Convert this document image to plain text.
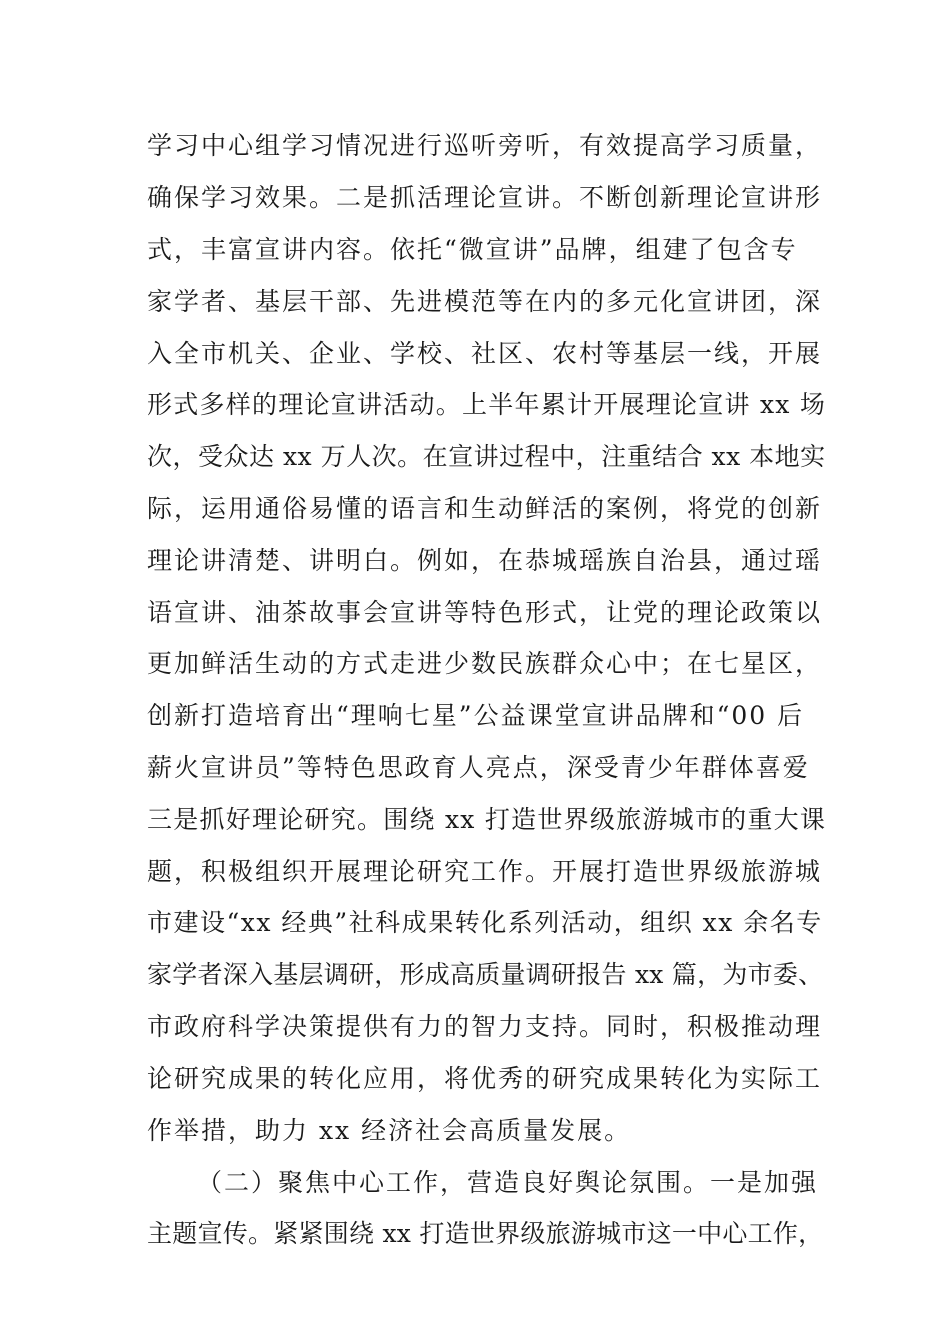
学习中心组学习情况进行巡听旁听，有效提高学习质量，
确保学习效果。二是抓活理论宣讲。不断创新理论宣讲形
式，丰富宣讲内容。依托“微宣讲”品牌，组建了包含专
家学者、基层干部、先进模范等在内的多元化宣讲团，深
入全市机关、企业、学校、社区、农村等基层一线，开展
形式多样的理论宣讲活动。上半年累计开展理论宣讲 xx 场
次，受众达 xx 万人次。在宣讲过程中，注重结合 xx 本地实
际，运用通俗易懂的语言和生动鲜活的案例，将党的创新
理论讲清楚、讲明白。例如，在恭城瑶族自治县，通过瑶
语宣讲、油茶故事会宣讲等特色形式，让党的理论政策以
更加鲜活生动的方式走进少数民族群众心中；在七星区，
创新打造培育出“理响七星”公益课堂宣讲品牌和“00 后
薪火宣讲员”等特色思政育人亮点，深受青少年群体喜爱
三是抓好理论研究。围绕 xx 打造世界级旅游城市的重大课
题，积极组织开展理论研究工作。开展打造世界级旅游城
市建设“xx 经典”社科成果转化系列活动，组织 xx 余名专
家学者深入基层调研，形成高质量调研报告 xx 篇，为市委、
市政府科学决策提供有力的智力支持。同时，积极推动理
论研究成果的转化应用，将优秀的研究成果转化为实际工
作举措，助力 xx 经济社会高质量发展。
（二）聚焦中心工作，营造良好舆论氛围。一是加强
主题宣传。紧紧围绕 xx 打造世界级旅游城市这一中心工作，
